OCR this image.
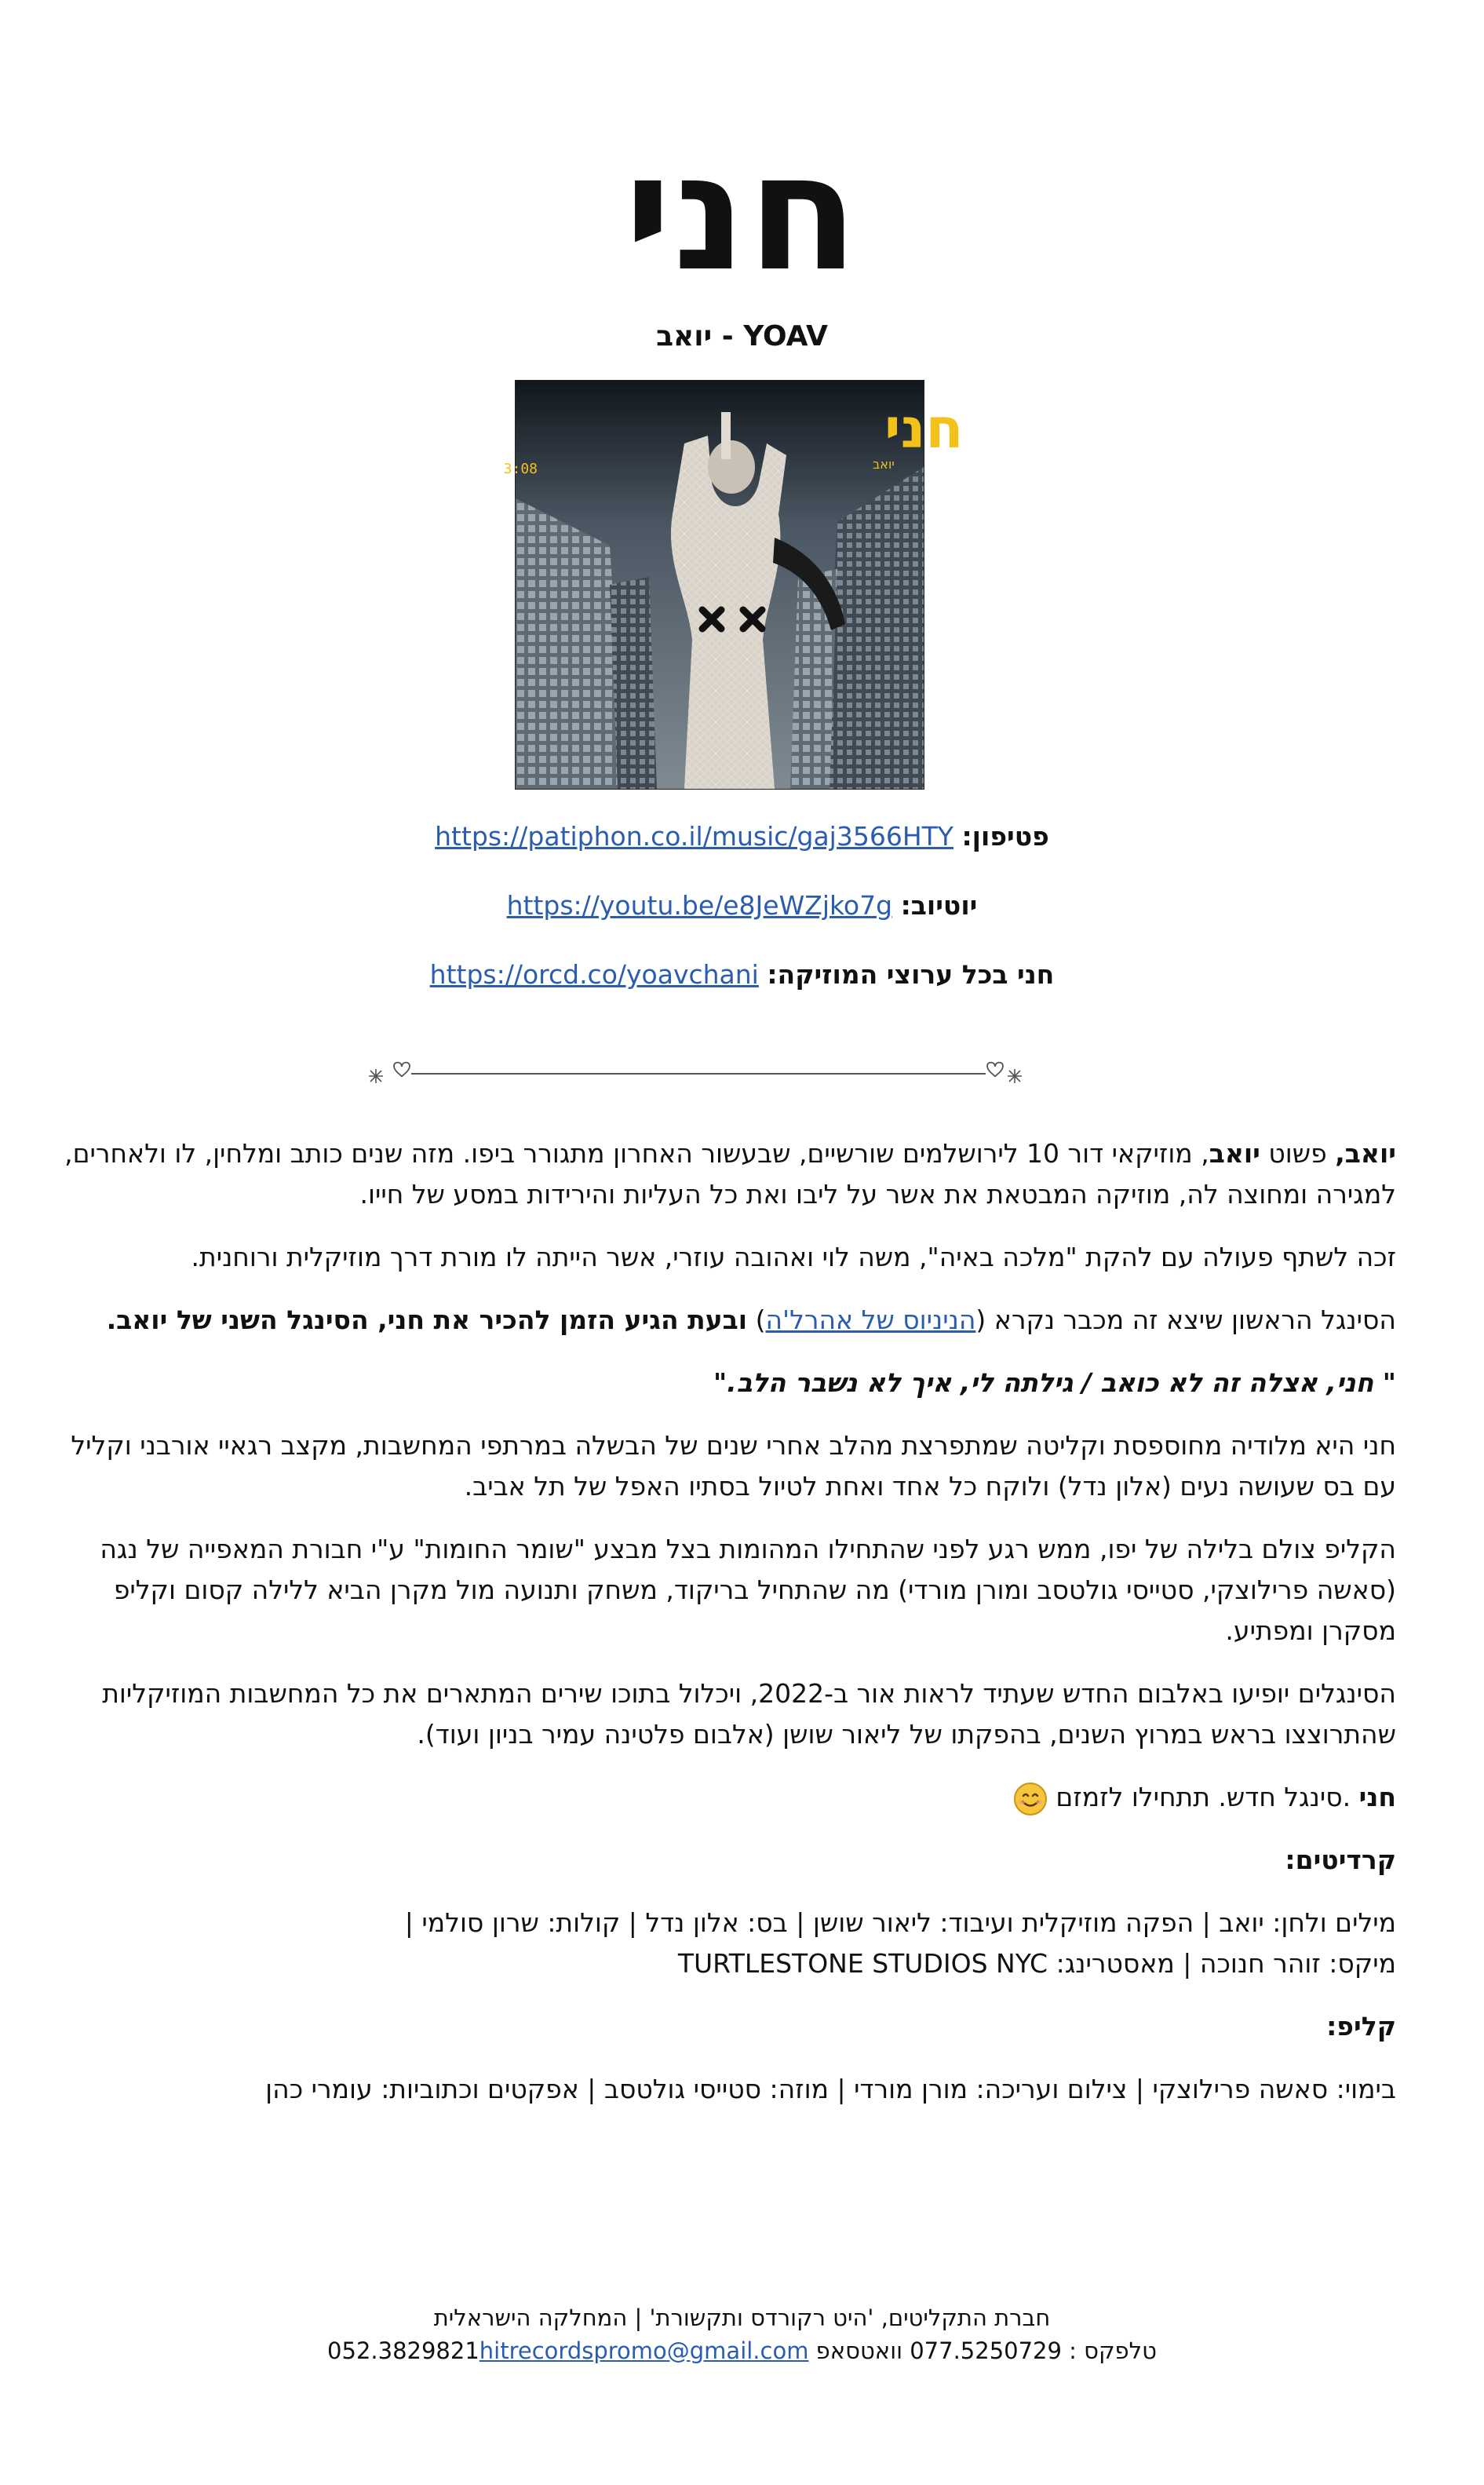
חני
YOAV - יואב
חני
יואב
3:08
פטיפון: https://patiphon.co.il/music/gaj3566HTY
יוטיוב: https://youtu.be/e8JeWZjko7g
חני בכל ערוצי המוזיקה: https://orcd.co/yoavchani

יואב, פשוט יואב, מוזיקאי דור 10 לירושלמים שורשיים, שבעשור האחרון מתגורר ביפו. מזה שנים כותב ומלחין, לו ולאחרים, למגירה ומחוצה לה, מוזיקה המבטאת את אשר על ליבו ואת כל העליות והירידות במסע של חייו.

זכה לשתף פעולה עם להקת "מלכה באיה", משה לוי ואהובה עוזרי, אשר הייתה לו מורת דרך מוזיקלית ורוחנית.

הסינגל הראשון שיצא זה מכבר נקרא (הניניוס של אהרל'ה) ובעת הגיע הזמן להכיר את חני, הסינגל השני של יואב.

" חני, אצלה זה לא כואב / גילתה לי, איך לא נשבר הלב."

חני היא מלודיה מחוספסת וקליטה שמתפרצת מהלב אחרי שנים של הבשלה במרתפי המחשבות, מקצב רגאיי אורבני וקליל עם בס שעושה נעים (אלון נדל) ולוקח כל אחד ואחת לטיול בסתיו האפל של תל אביב.

הקליפ צולם בלילה של יפו, ממש רגע לפני שהתחילו המהומות בצל מבצע "שומר החומות" ע"י חבורת המאפייה של נגה (סאשה פרילוצקי, סטייסי גולטסב ומורן מורדי) מה שהתחיל בריקוד, משחק ותנועה מול מקרן הביא ללילה קסום וקליפ מסקרן ומפתיע.

הסינגלים יופיעו באלבום החדש שעתיד לראות אור ב-2022, ויכלול בתוכו שירים המתארים את כל המחשבות המוזיקליות שהתרוצצו בראש במרוץ השנים, בהפקתו של ליאור שושן (אלבום פלטינה עמיר בניון ועוד).

חני .סינגל חדש. תתחילו לזמזם

קרדיטים:

מילים ולחן: יואב | הפקה מוזיקלית ועיבוד: ליאור שושן | בס: אלון נדל | קולות: שרון סולמי |
מיקס: זוהר חנוכה | מאסטרינג: TURTLESTONE STUDIOS NYC

קליפ:

בימוי: סאשה פרילוצקי | צילום ועריכה: מורן מורדי | מוזה: סטייסי גולטסב | אפקטים וכתוביות: עומרי כהן

חברת התקליטים, 'היט רקורדס ותקשורת' | המחלקה הישראלית
טלפקס : 077.5250729 וואטסאפ 052.3829821hitrecordspromo@gmail.com
